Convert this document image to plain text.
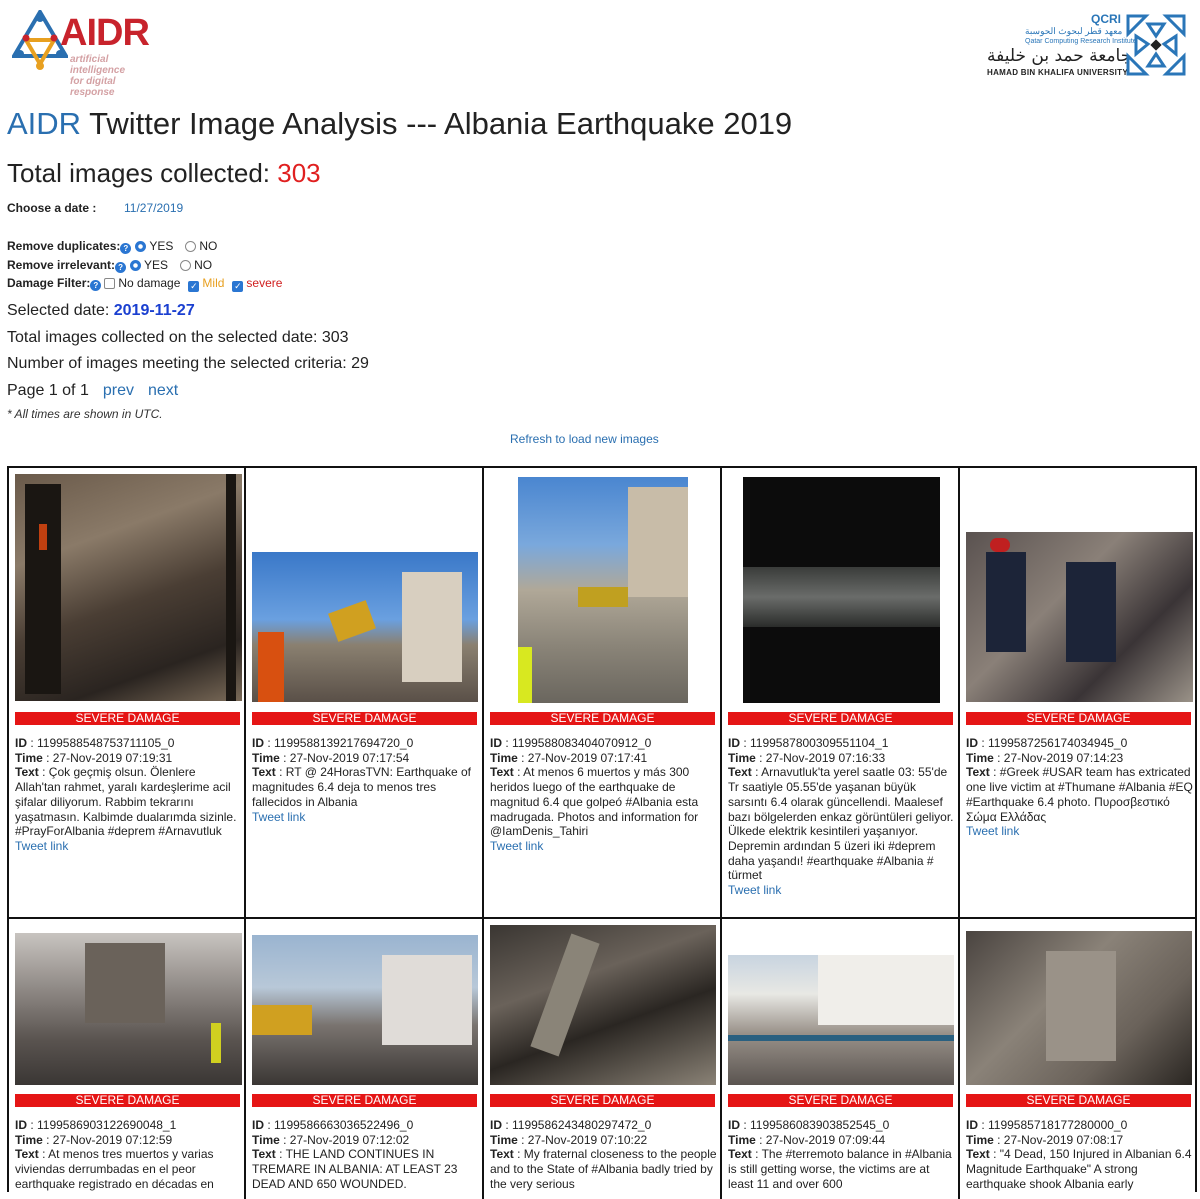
AIDR
artificial intelligence
for digital response
QCRI
معهد قطر لبحوث الحوسبة
Qatar Computing Research Institute
جامعة حمد بن خليفة
HAMAD BIN KHALIFA UNIVERSITY
AIDR Twitter Image Analysis --- Albania Earthquake 2019
Total images collected: 303
Choose a date : 11/27/2019
Remove duplicates: ? YES NO
Remove irrelevant: ? YES NO
Damage Filter: ? No damage ✓ Mild ✓ severe
Selected date: 2019-11-27
Total images collected on the selected date: 303
Number of images meeting the selected criteria: 29
Page 1 of 1 prev next
* All times are shown in UTC.
Refresh to load new images
SEVERE DAMAGE
ID : 1199588548753711105_0
Time : 27-Nov-2019 07:19:31
Text : Çok geçmiş olsun. Ölenlere Allah'tan rahmet, yaralı kardeşlerime acil şifalar diliyorum. Rabbim tekrarını yaşatmasın. Kalbimde dualarımda sizinle. #PrayForAlbania #deprem #Arnavutluk
Tweet link
SEVERE DAMAGE
ID : 1199588139217694720_0
Time : 27-Nov-2019 07:17:54
Text : RT @ 24HorasTVN: Earthquake of magnitudes 6.4 deja to menos tres fallecidos in Albania
Tweet link
SEVERE DAMAGE
ID : 1199588083404070912_0
Time : 27-Nov-2019 07:17:41
Text : At menos 6 muertos y más 300 heridos luego of the earthquake de magnitud 6.4 que golpeó #Albania esta madrugada. Photos and information for @IamDenis_Tahiri
Tweet link
SEVERE DAMAGE
ID : 1199587800309551104_1
Time : 27-Nov-2019 07:16:33
Text : Arnavutluk'ta yerel saatle 03: 55'de Tr saatiyle 05.55'de yaşanan büyük sarsıntı 6.4 olarak güncellendi. Maalesef bazı bölgelerden enkaz görüntüleri geliyor. Ülkede elektrik kesintileri yaşanıyor. Depremin ardından 5 üzeri iki #deprem daha yaşandı! #earthquake #Albania # türmet
Tweet link
SEVERE DAMAGE
ID : 1199587256174034945_0
Time : 27-Nov-2019 07:14:23
Text : #Greek #USAR team has extricated one live victim at #Thumane #Albania #EQ #Earthquake 6.4 photo. Πυροσβεστικό Σώμα Ελλάδας
Tweet link
SEVERE DAMAGE
ID : 1199586903122690048_1
Time : 27-Nov-2019 07:12:59
Text : At menos tres muertos y varias viviendas derrumbadas en el peor earthquake registrado en décadas en
SEVERE DAMAGE
ID : 1199586663036522496_0
Time : 27-Nov-2019 07:12:02
Text : THE LAND CONTINUES IN TREMARE IN ALBANIA: AT LEAST 23 DEAD AND 650 WOUNDED.
SEVERE DAMAGE
ID : 1199586243480297472_0
Time : 27-Nov-2019 07:10:22
Text : My fraternal closeness to the people and to the State of #Albania badly tried by the very serious
SEVERE DAMAGE
ID : 1199586083903852545_0
Time : 27-Nov-2019 07:09:44
Text : The #terremoto balance in #Albania is still getting worse, the victims are at least 11 and over 600
SEVERE DAMAGE
ID : 1199585718177280000_0
Time : 27-Nov-2019 07:08:17
Text : "4 Dead, 150 Injured in Albanian 6.4 Magnitude Earthquake" A strong earthquake shook Albania early
